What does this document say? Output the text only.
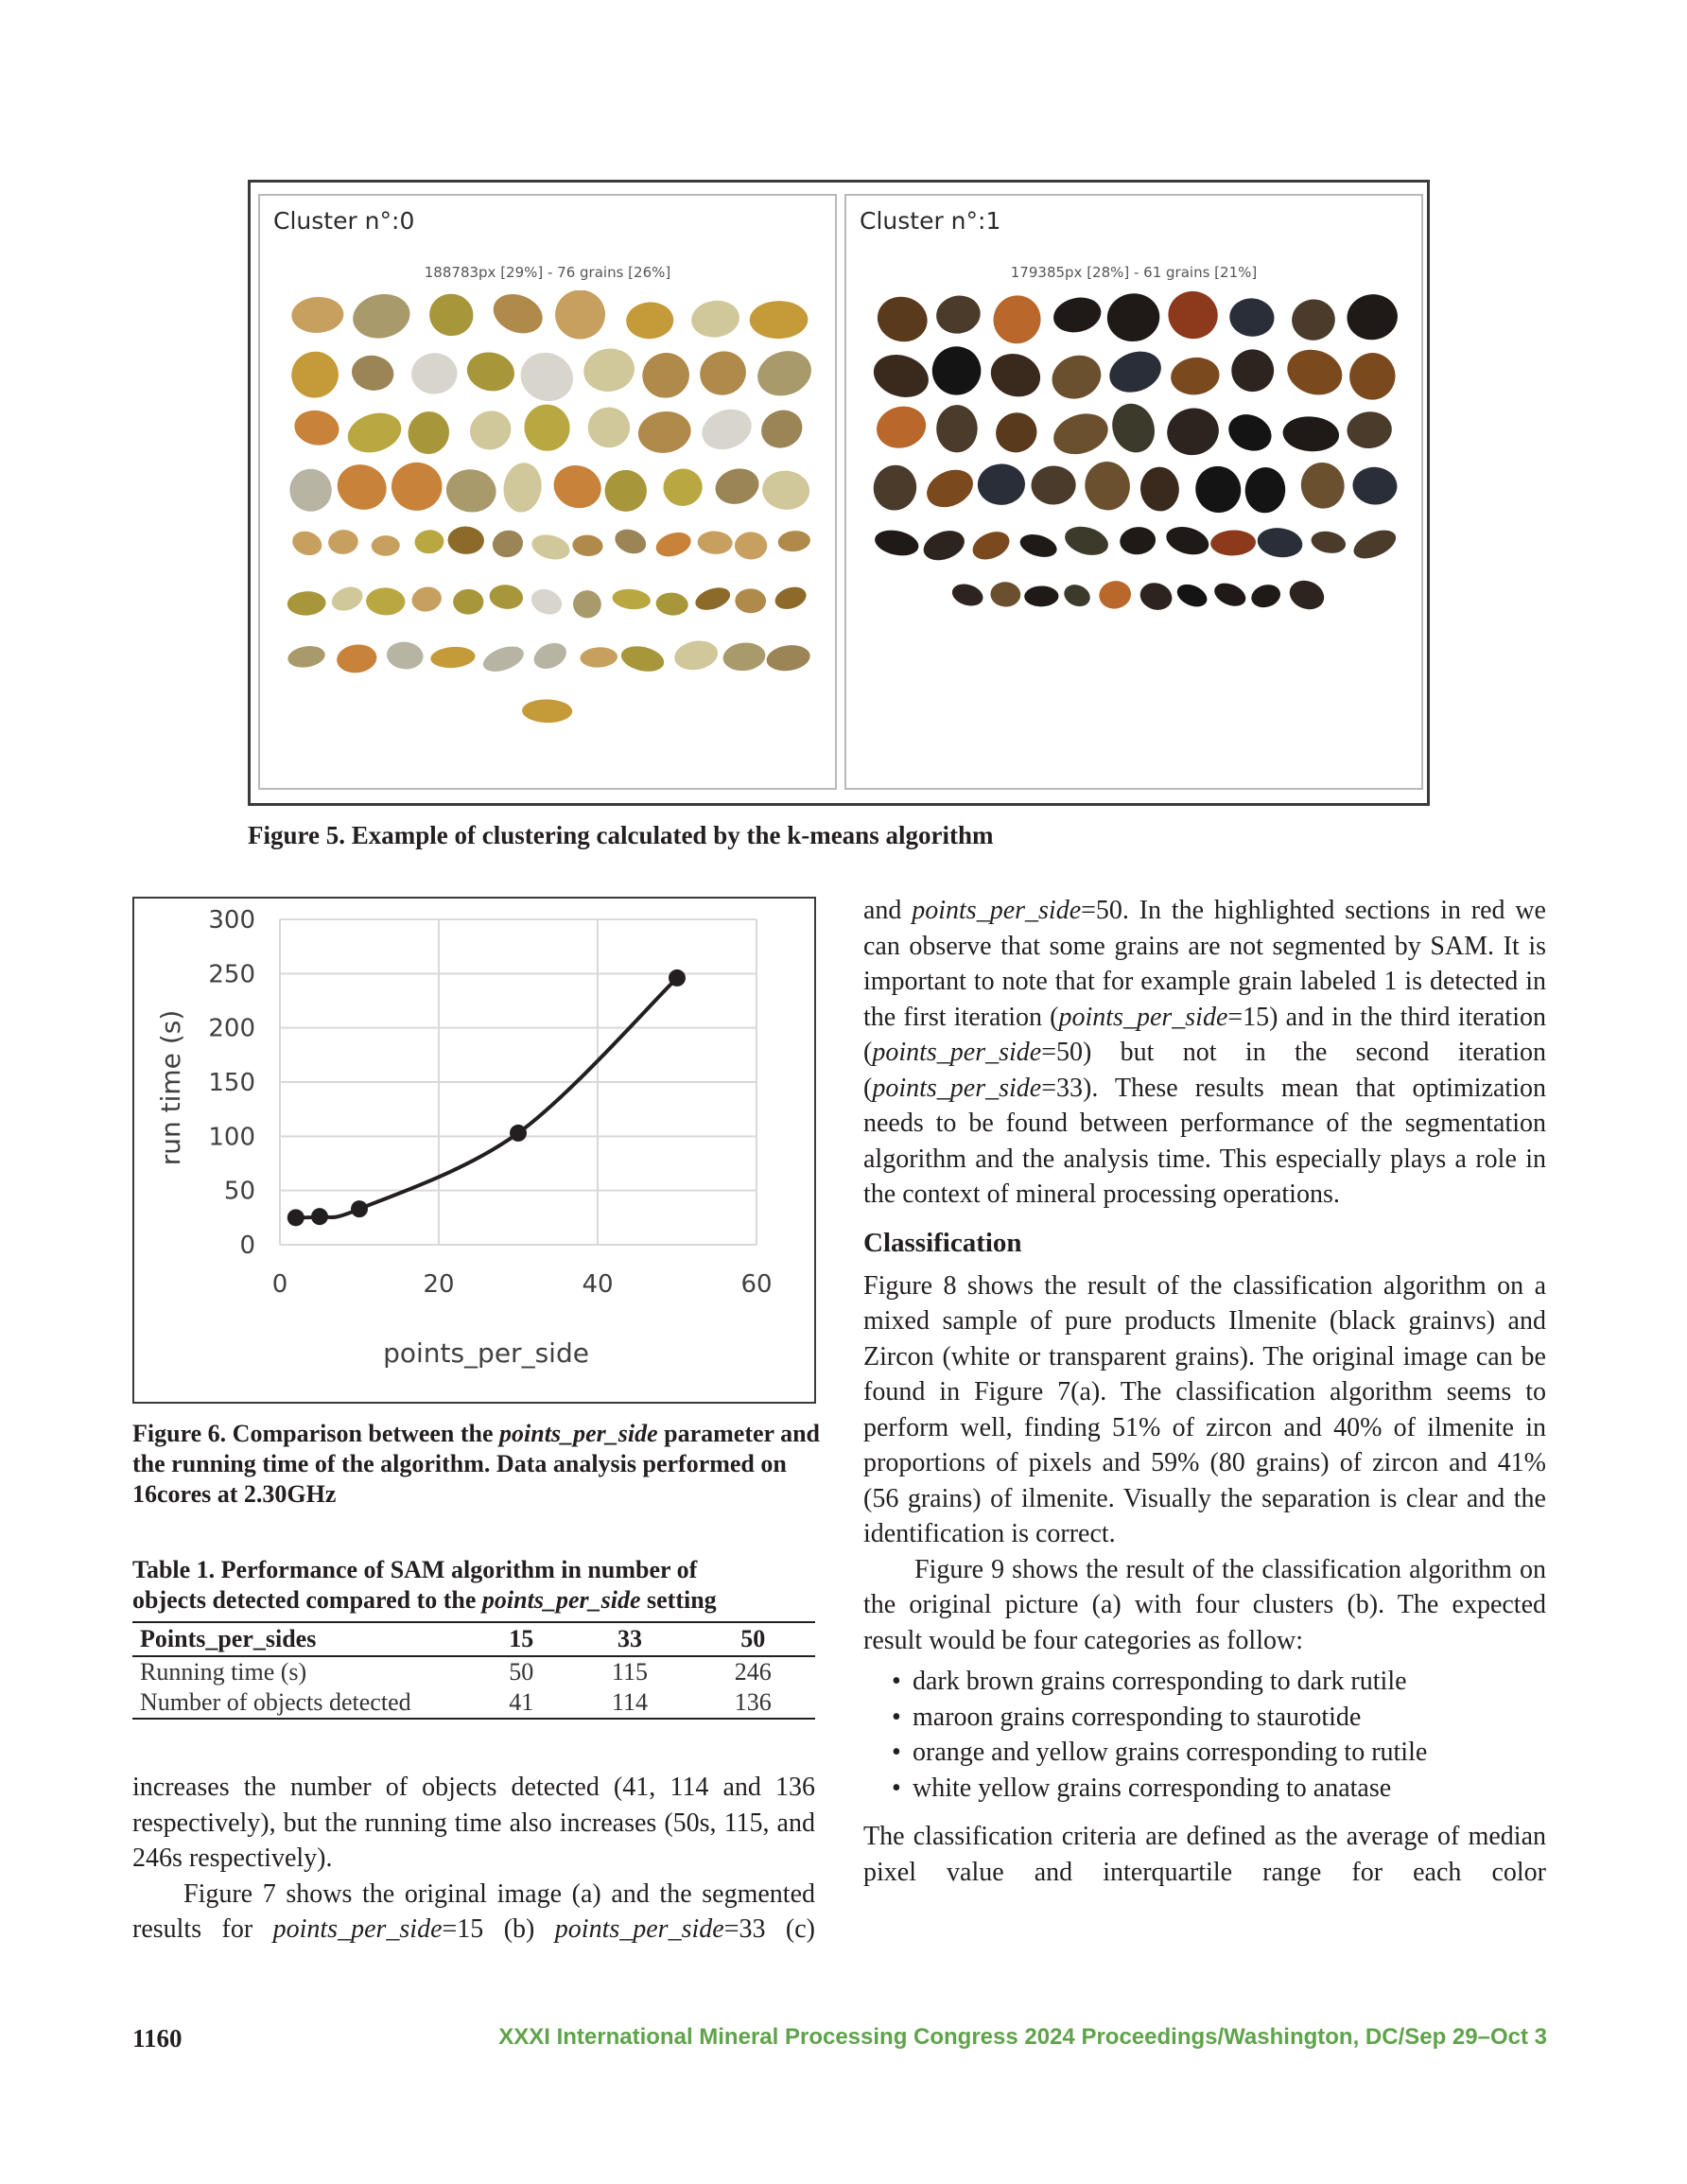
Cluster n°:0
188783px [29%] - 76 grains [26%]
Cluster n°:1
179385px [28%] - 61 grains [21%]
Figure 5. Example of clustering calculated by the k-means algorithm
0
50
100
150
200
250
300
0	20	40	60
points_per_side
run time (s)
Figure 6. Comparison between the points_per_side parameter and the running time of the algorithm. Data analysis performed on 16cores at 2.30GHz
Table 1. Performance of SAM algorithm in number of
objects detected compared to the points_per_side setting
Points_per_sides	15	33	50
Running time (s)	50	115	246
Number of objects detected	41	114	136
increases the number of objects detected (41, 114 and 136 respectively), but the running time also increases (50s, 115, and 246s respectively).
Figure 7 shows the original image (a) and the segmented results for points_per_side=15 (b) points_per_side=33 (c)
and points_per_side=50. In the highlighted sections in red we can observe that some grains are not segmented by SAM. It is important to note that for example grain labeled 1 is detected in the first iteration (points_per_side=15) and in the third iteration (points_per_side=50) but not in the second iteration (points_per_side=33). These results mean that optimization needs to be found between performance of the segmentation algorithm and the analysis time. This especially plays a role in the context of mineral processing operations.
Classification
Figure 8 shows the result of the classification algorithm on a mixed sample of pure products Ilmenite (black grainvs) and Zircon (white or transparent grains). The original image can be found in Figure 7(a). The classification algorithm seems to perform well, finding 51% of zircon and 40% of ilmenite in proportions of pixels and 59% (80 grains) of zircon and 41% (56 grains) of ilmenite. Visually the separation is clear and the identification is correct.
Figure 9 shows the result of the classification algorithm on the original picture (a) with four clusters (b). The expected result would be four categories as follow:
• dark brown grains corresponding to dark rutile
• maroon grains corresponding to staurotide
• orange and yellow grains corresponding to rutile
• white yellow grains corresponding to anatase
The classification criteria are defined as the average of median pixel value and interquartile range for each color
1160	XXXI International Mineral Processing Congress 2024 Proceedings/Washington, DC/Sep 29–Oct 3
